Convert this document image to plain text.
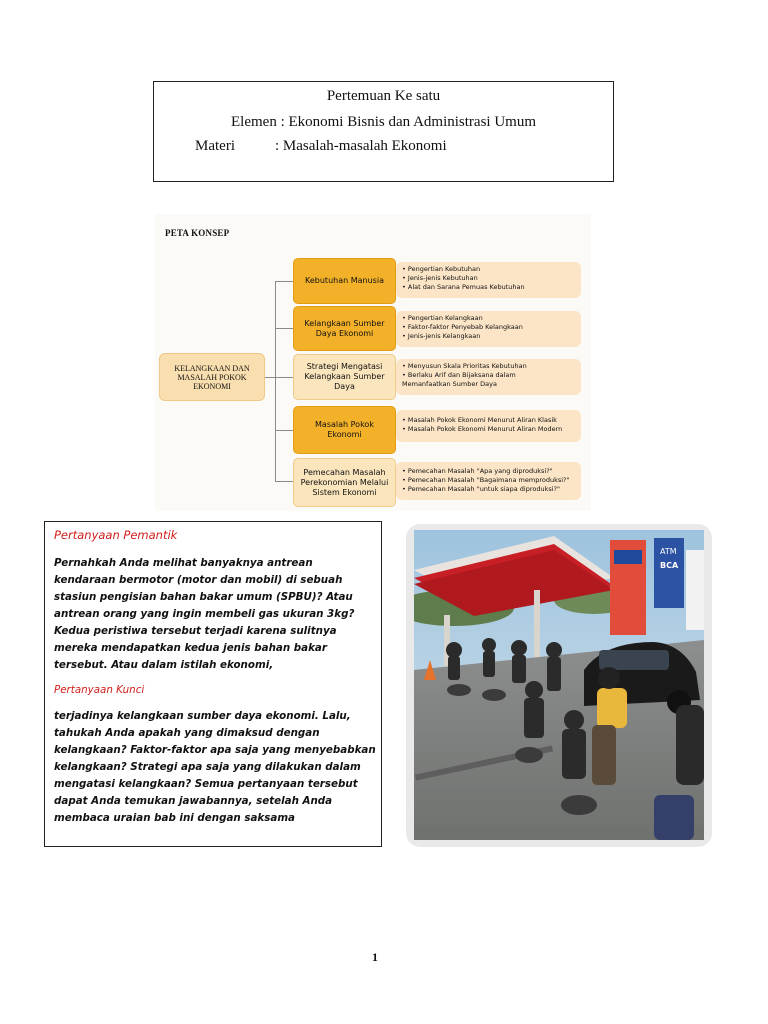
Pertemuan Ke satu
Elemen : Ekonomi Bisnis dan Administrasi Umum
Materi	: Masalah-masalah Ekonomi
PETA KONSEP
KELANGKAAN DAN MASALAH POKOK EKONOMI
Kebutuhan Manusia
• Pengertian Kebutuhan
• Jenis-jenis Kebutuhan
• Alat dan Sarana Pemuas Kebutuhan
Kelangkaan Sumber Daya Ekonomi
• Pengertian Kelangkaan
• Faktor-faktor Penyebab Kelangkaan
• Jenis-jenis Kelangkaan
Strategi Mengatasi Kelangkaan Sumber Daya
• Menyusun Skala Prioritas Kebutuhan
• Berlaku Arif dan Bijaksana dalam
Memanfaatkan Sumber Daya
Masalah Pokok Ekonomi
• Masalah Pokok Ekonomi Menurut Aliran Klasik
• Masalah Pokok Ekonomi Menurut Aliran Modern
Pemecahan Masalah Perekonomian Melalui Sistem Ekonomi
• Pemecahan Masalah "Apa yang diproduksi?"
• Pemecahan Masalah "Bagaimana memproduksi?"
• Pemecahan Masalah "untuk siapa diproduksi?"
Pertanyaan Pemantik
Pernahkah Anda melihat banyaknya antrean kendaraan bermotor (motor dan mobil) di sebuah stasiun pengisian bahan bakar umum (SPBU)? Atau antrean orang yang ingin membeli gas ukuran 3kg? Kedua peristiwa tersebut terjadi karena sulitnya mereka mendapatkan kedua jenis bahan bakar tersebut. Atau dalam istilah ekonomi,
Pertanyaan Kunci
terjadinya kelangkaan sumber daya ekonomi. Lalu, tahukah Anda apakah yang dimaksud dengan kelangkaan? Faktor-faktor apa saja yang menyebabkan kelangkaan? Strategi apa saja yang dilakukan dalam mengatasi kelangkaan? Semua pertanyaan tersebut dapat Anda temukan jawabannya, setelah Anda membaca uraian bab ini dengan saksama
ATM
BCA
1
